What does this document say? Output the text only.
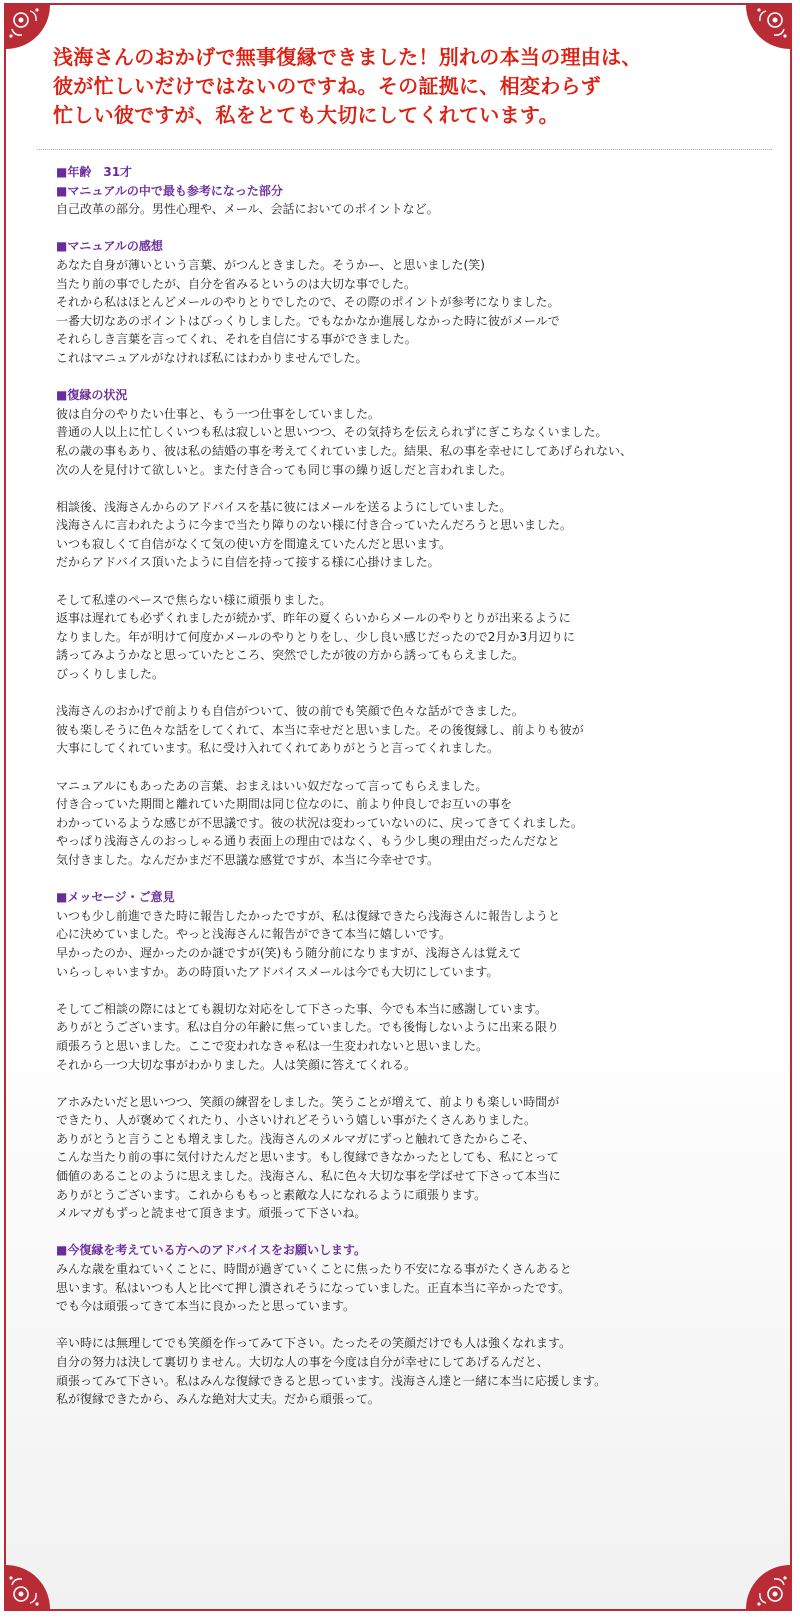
浅海さんのおかげで無事復縁できました！別れの本当の理由は、
彼が忙しいだけではないのですね。その証拠に、相変わらず
忙しい彼ですが、私をとても大切にしてくれています。
■年齢　31才
■マニュアルの中で最も参考になった部分
自己改革の部分。男性心理や、メール、会話においてのポイントなど。
■マニュアルの感想
あなた自身が薄いという言葉、がつんときました。そうかー、と思いました(笑)
当たり前の事でしたが、自分を省みるというのは大切な事でした。
それから私はほとんどメールのやりとりでしたので、その際のポイントが参考になりました。
一番大切なあのポイントはびっくりしました。でもなかなか進展しなかった時に彼がメールで
それらしき言葉を言ってくれ、それを自信にする事ができました。
これはマニュアルがなければ私にはわかりませんでした。
■復縁の状況
彼は自分のやりたい仕事と、もう一つ仕事をしていました。
普通の人以上に忙しくいつも私は寂しいと思いつつ、その気持ちを伝えられずにぎこちなくいました。
私の歳の事もあり、彼は私の結婚の事を考えてくれていました。結果、私の事を幸せにしてあげられない、
次の人を見付けて欲しいと。また付き合っても同じ事の繰り返しだと言われました。
相談後、浅海さんからのアドバイスを基に彼にはメールを送るようにしていました。
浅海さんに言われたように今まで当たり障りのない様に付き合っていたんだろうと思いました。
いつも寂しくて自信がなくて気の使い方を間違えていたんだと思います。
だからアドバイス頂いたように自信を持って接する様に心掛けました。
そして私達のペースで焦らない様に頑張りました。
返事は遅れても必ずくれましたが続かず、昨年の夏くらいからメールのやりとりが出来るように
なりました。年が明けて何度かメールのやりとりをし、少し良い感じだったので2月か3月辺りに
誘ってみようかなと思っていたところ、突然でしたが彼の方から誘ってもらえました。
びっくりしました。
浅海さんのおかげで前よりも自信がついて、彼の前でも笑顔で色々な話ができました。
彼も楽しそうに色々な話をしてくれて、本当に幸せだと思いました。その後復縁し、前よりも彼が
大事にしてくれています。私に受け入れてくれてありがとうと言ってくれました。
マニュアルにもあったあの言葉、おまえはいい奴だなって言ってもらえました。
付き合っていた期間と離れていた期間は同じ位なのに、前より仲良しでお互いの事を
わかっているような感じが不思議です。彼の状況は変わっていないのに、戻ってきてくれました。
やっぱり浅海さんのおっしゃる通り表面上の理由ではなく、もう少し奥の理由だったんだなと
気付きました。なんだかまだ不思議な感覚ですが、本当に今幸せです。
■メッセージ・ご意見
いつも少し前進できた時に報告したかったですが、私は復縁できたら浅海さんに報告しようと
心に決めていました。やっと浅海さんに報告ができて本当に嬉しいです。
早かったのか、遅かったのか謎ですが(笑)もう随分前になりますが、浅海さんは覚えて
いらっしゃいますか。あの時頂いたアドバイスメールは今でも大切にしています。
そしてご相談の際にはとても親切な対応をして下さった事、今でも本当に感謝しています。
ありがとうございます。私は自分の年齢に焦っていました。でも後悔しないように出来る限り
頑張ろうと思いました。ここで変われなきゃ私は一生変われないと思いました。
それから一つ大切な事がわかりました。人は笑顔に答えてくれる。
アホみたいだと思いつつ、笑顔の練習をしました。笑うことが増えて、前よりも楽しい時間が
できたり、人が褒めてくれたり、小さいけれどそういう嬉しい事がたくさんありました。
ありがとうと言うことも増えました。浅海さんのメルマガにずっと触れてきたからこそ、
こんな当たり前の事に気付けたんだと思います。もし復縁できなかったとしても、私にとって
価値のあることのように思えました。浅海さん、私に色々大切な事を学ばせて下さって本当に
ありがとうございます。これからももっと素敵な人になれるように頑張ります。
メルマガもずっと読ませて頂きます。頑張って下さいね。
■今復縁を考えている方へのアドバイスをお願いします。
みんな歳を重ねていくことに、時間が過ぎていくことに焦ったり不安になる事がたくさんあると
思います。私はいつも人と比べて押し潰されそうになっていました。正直本当に辛かったです。
でも今は頑張ってきて本当に良かったと思っています。
辛い時には無理してでも笑顔を作ってみて下さい。たったその笑顔だけでも人は強くなれます。
自分の努力は決して裏切りません。大切な人の事を今度は自分が幸せにしてあげるんだと、
頑張ってみて下さい。私はみんな復縁できると思っています。浅海さん達と一緒に本当に応援します。
私が復縁できたから、みんな絶対大丈夫。だから頑張って。
